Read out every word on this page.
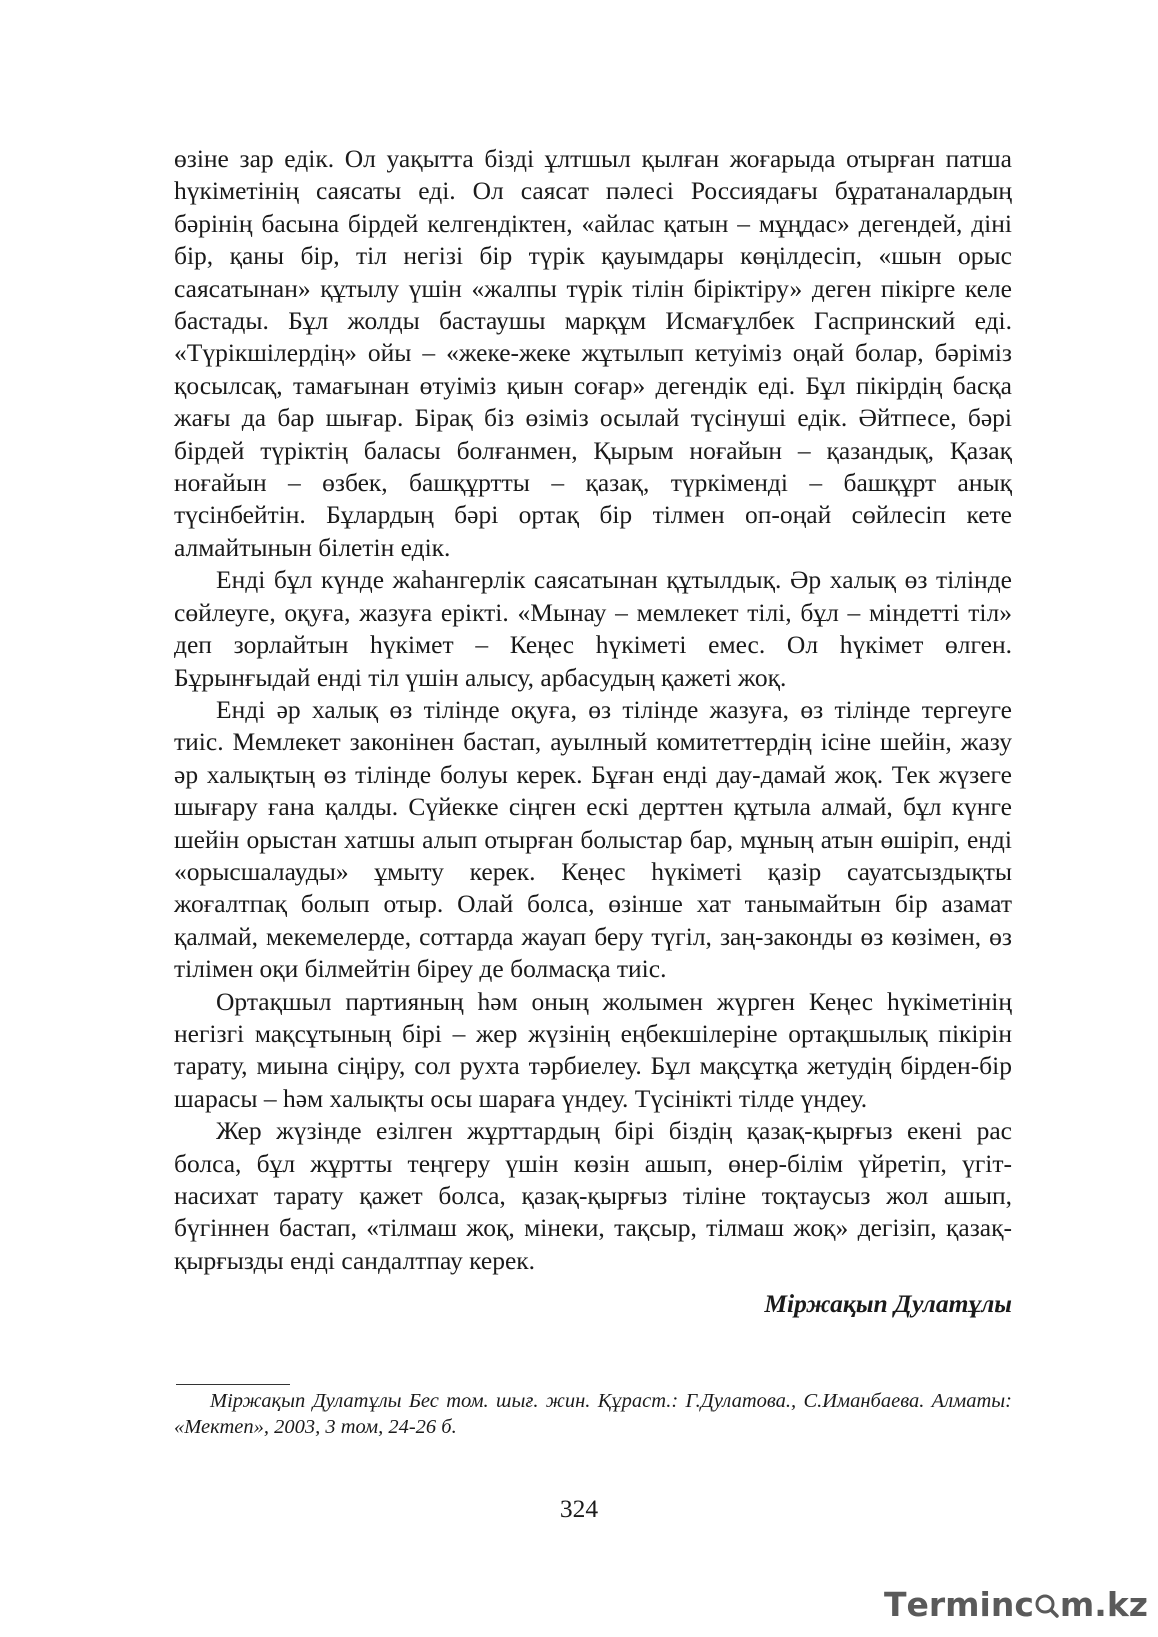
өзіне зар едік. Ол уақытта бізді ұлтшыл қылған жоғарыда отырған патша һүкіметінің саясаты еді. Ол саясат пәлесі Россиядағы бұратаналардың бәрінің басына бірдей келгендіктен, «айлас қатын – мұңдас» дегендей, діні бір, қаны бір, тіл негізі бір түрік қауымдары көңілдесіп, «шын орыс саясатынан» құтылу үшін «жалпы түрік тілін біріктіру» деген пікірге келе бастады. Бұл жолды бастаушы марқұм Исмағұлбек Гаспринский еді. «Түрікшілердің» ойы – «жеке-жеке жұтылып кетуіміз оңай болар, бәріміз қосылсақ, тамағынан өтуіміз қиын соғар» дегендік еді. Бұл пікірдің басқа жағы да бар шығар. Бірақ біз өзіміз осылай түсінуші едік. Әйтпесе, бәрі бірдей түріктің баласы болғанмен, Қырым ноғайын – қазандық, Қазақ ноғайын – өзбек, башқұртты – қазақ, түркіменді – башқұрт анық түсінбейтін. Бұлардың бәрі ортақ бір тілмен оп-оңай сөйлесіп кете алмайтынын білетін едік.

Енді бұл күнде жаһангерлік саясатынан құтылдық. Әр халық өз тілінде сөйлеуге, оқуға, жазуға ерікті. «Мынау – мемлекет тілі, бұл – міндетті тіл» деп зорлайтын һүкімет – Кеңес һүкіметі емес. Ол һүкімет өлген. Бұрынғыдай енді тіл үшін алысу, арбасудың қажеті жоқ.

Енді әр халық өз тілінде оқуға, өз тілінде жазуға, өз тілінде тергеуге тиіс. Мемлекет законінен бастап, ауылный комитеттердің ісіне шейін, жазу әр халықтың өз тілінде болуы керек. Бұған енді дау-дамай жоқ. Тек жүзеге шығару ғана қалды. Сүйекке сіңген ескі дерттен құтыла алмай, бұл күнге шейін орыстан хатшы алып отырған болыстар бар, мұның атын өшіріп, енді «орысшалауды» ұмыту керек. Кеңес һүкіметі қазір сауатсыздықты жоғалтпақ болып отыр. Олай болса, өзінше хат танымайтын бір азамат қалмай, мекемелерде, соттарда жауап беру түгіл, заң-законды өз көзімен, өз тілімен оқи білмейтін біреу де болмасқа тиіс.

Ортақшыл партияның һәм оның жолымен жүрген Кеңес һүкіметінің негізгі мақсұтының бірі – жер жүзінің еңбекшілеріне ортақшылық пікірін тарату, миына сіңіру, сол рухта тәрбиелеу. Бұл мақсұтқа жетудің бірден-бір шарасы – һәм халықты осы шараға үндеу. Түсінікті тілде үндеу.

Жер жүзінде езілген жұрттардың бірі біздің қазақ-қырғыз екені рас болса, бұл жұртты теңгеру үшін көзін ашып, өнер-білім үйретіп, үгіт-насихат тарату қажет болса, қазақ-қырғыз тіліне тоқтаусыз жол ашып, бүгіннен бастап, «тілмаш жоқ, мінеки, тақсыр, тілмаш жоқ» дегізіп, қазақ-қырғызды енді сандалтпау керек.

Міржақып Дулатұлы

Міржақып Дулатұлы Бес том. шығ. жин. Құраст.: Г.Дулатова., С.Иманбаева. Алматы: «Мектеп», 2003, 3 том, 24-26 б.

324
T erminc m.kz
